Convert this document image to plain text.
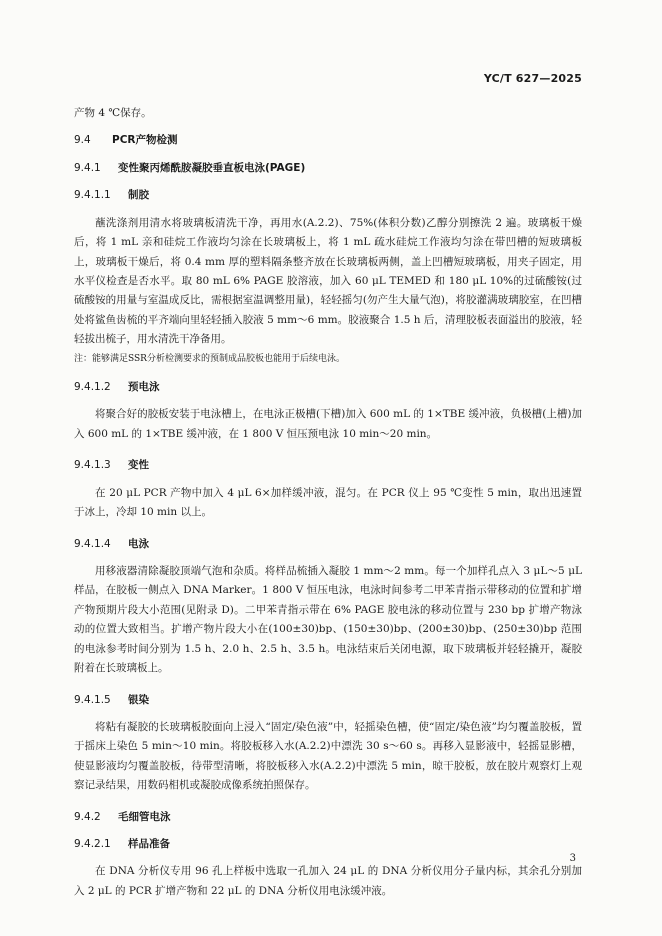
YC/T 627—2025

产物 4 ℃保存。

9.4 PCR产物检测
9.4.1 变性聚丙烯酰胺凝胶垂直板电泳(PAGE)
9.4.1.1 制胶

蘸洗涤剂用清水将玻璃板清洗干净，再用水(A.2.2)、75%(体积分数)乙醇分别擦洗 2 遍。玻璃板干燥后，将 1 mL 亲和硅烷工作液均匀涂在长玻璃板上，将 1 mL 疏水硅烷工作液均匀涂在带凹槽的短玻璃板上，玻璃板干燥后，将 0.4 mm 厚的塑料隔条整齐放在长玻璃板两侧，盖上凹槽短玻璃板，用夹子固定，用水平仪检查是否水平。取 80 mL 6% PAGE 胶溶液，加入 60 μL TEMED 和 180 μL 10%的过硫酸铵(过硫酸铵的用量与室温成反比，需根据室温调整用量)，轻轻摇匀(勿产生大量气泡)，将胶灌满玻璃胶室，在凹槽处将鲨鱼齿梳的平齐端向里轻轻插入胶液 5 mm～6 mm。胶液聚合 1.5 h 后，清理胶板表面溢出的胶液，轻轻拔出梳子，用水清洗干净备用。

注：能够满足SSR分析检测要求的预制成品胶板也能用于后续电泳。

9.4.1.2 预电泳

将聚合好的胶板安装于电泳槽上，在电泳正极槽(下槽)加入 600 mL 的 1×TBE 缓冲液，负极槽(上槽)加入 600 mL 的 1×TBE 缓冲液，在 1 800 V 恒压预电泳 10 min～20 min。

9.4.1.3 变性

在 20 μL PCR 产物中加入 4 μL 6×加样缓冲液，混匀。在 PCR 仪上 95 ℃变性 5 min，取出迅速置于冰上，冷却 10 min 以上。

9.4.1.4 电泳

用移液器清除凝胶顶端气泡和杂质。将样品梳插入凝胶 1 mm～2 mm。每一个加样孔点入 3 μL～5 μL 样品，在胶板一侧点入 DNA Marker。1 800 V 恒压电泳，电泳时间参考二甲苯青指示带移动的位置和扩增产物预期片段大小范围(见附录 D)。二甲苯青指示带在 6% PAGE 胶电泳的移动位置与 230 bp 扩增产物泳动的位置大致相当。扩增产物片段大小在(100±30)bp、(150±30)bp、(200±30)bp、(250±30)bp 范围的电泳参考时间分别为 1.5 h、2.0 h、2.5 h、3.5 h。电泳结束后关闭电源，取下玻璃板并轻轻撬开，凝胶附着在长玻璃板上。

9.4.1.5 银染

将粘有凝胶的长玻璃板胶面向上浸入“固定/染色液”中，轻摇染色槽，使“固定/染色液”均匀覆盖胶板，置于摇床上染色 5 min～10 min。将胶板移入水(A.2.2)中漂洗 30 s～60 s。再移入显影液中，轻摇显影槽，使显影液均匀覆盖胶板，待带型清晰，将胶板移入水(A.2.2)中漂洗 5 min，晾干胶板，放在胶片观察灯上观察记录结果，用数码相机或凝胶成像系统拍照保存。

9.4.2 毛细管电泳
9.4.2.1 样品准备

在 DNA 分析仪专用 96 孔上样板中选取一孔加入 24 μL 的 DNA 分析仪用分子量内标，其余孔分别加入 2 μL 的 PCR 扩增产物和 22 μL 的 DNA 分析仪用电泳缓冲液。

3
